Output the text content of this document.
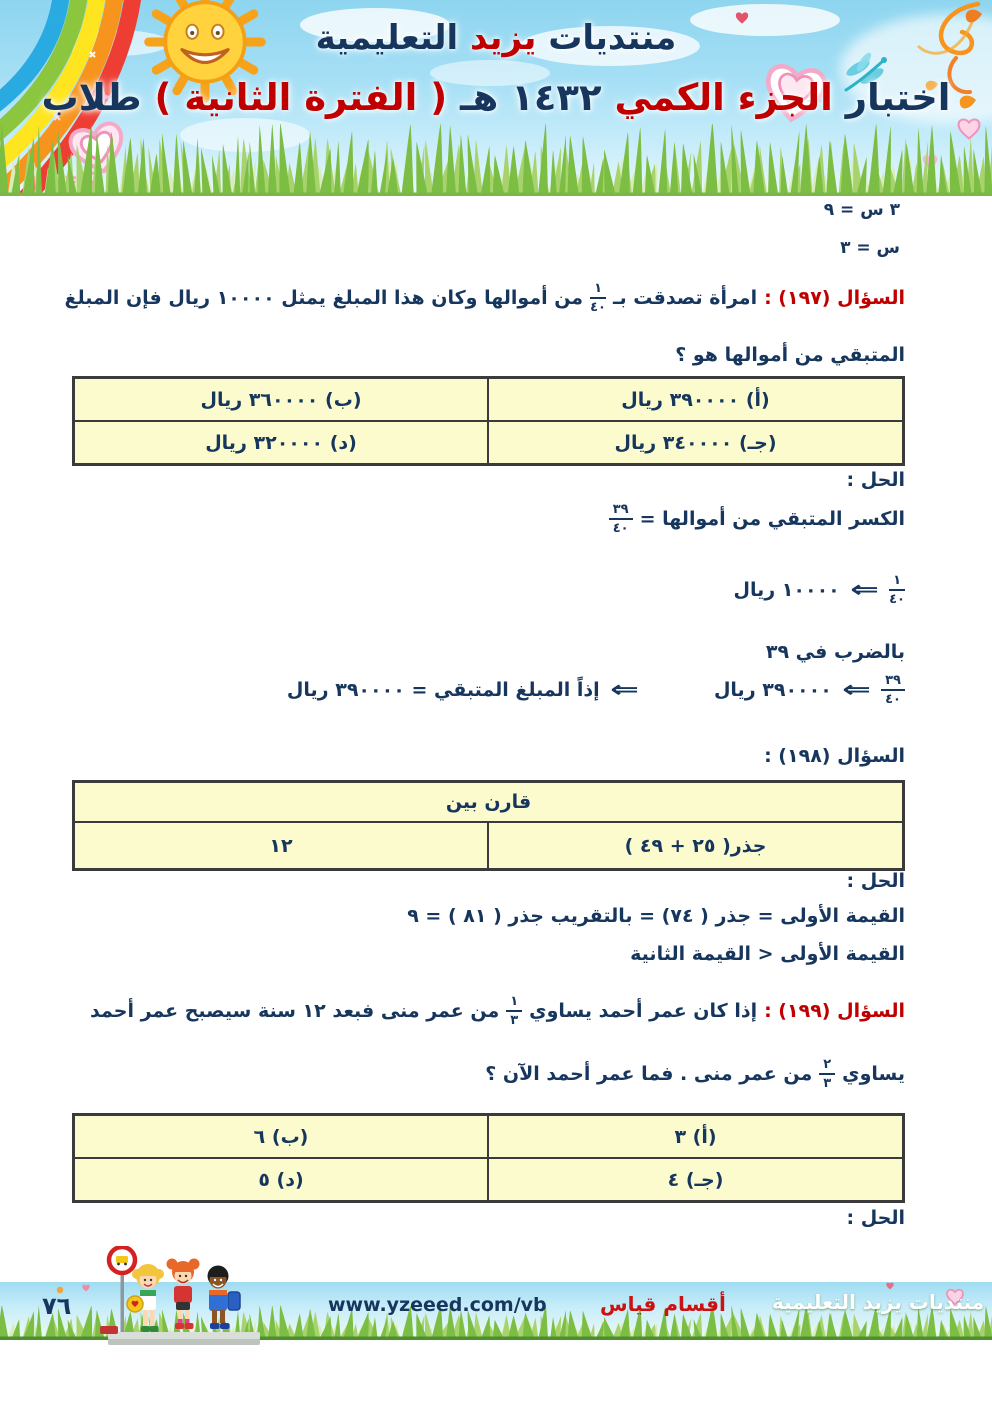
منتديات يزيد التعليمية
اختبار الجزء الكمي ١٤٣٢ هـ ( الفترة الثانية ) طلاب
٣ س = ٩
س = ٣
السؤال (١٩٧) :
امرأة تصدقت بـ
$\frac{١}{٤٠}$
من أموالها وكان هذا المبلغ يمثل ١٠٠٠٠ ريال فإن المبلغ
المتبقي من أموالها هو ؟
(أ) ٣٩٠٠٠٠ ريال
(ب) ٣٦٠٠٠٠ ريال
(جـ) ٣٤٠٠٠٠ ريال
(د) ٣٢٠٠٠٠ ريال
الحل :
الكسر المتبقي من أموالها =
$\frac{٣٩}{٤٠}$
$\frac{١}{٤٠}$
⇐
١٠٠٠٠ ريال
بالضرب في ٣٩
$\frac{٣٩}{٤٠}$
⇐
٣٩٠٠٠٠ ريال
⇐
إذاً المبلغ المتبقي = ٣٩٠٠٠٠ ريال
السؤال (١٩٨) :
قارن بين
جذر( ٢٥ + ٤٩ )
١٢
الحل :
القيمة الأولى = جذر ( ٧٤) = بالتقريب جذر ( ٨١ ) = ٩
القيمة الأولى < القيمة الثانية
السؤال (١٩٩) :
إذا كان عمر أحمد يساوي
$\frac{١}{٣}$
من عمر منى فبعد ١٢ سنة سيصبح عمر أحمد
يساوي
$\frac{٢}{٣}$
من عمر منى . فما عمر أحمد الآن ؟
(أ) ٣
(ب) ٦
(جـ) ٤
(د) ٥
الحل :
٧٦	www.yzeeed.com/vb	أقسام قياس منتديات يزيد التعليمية
